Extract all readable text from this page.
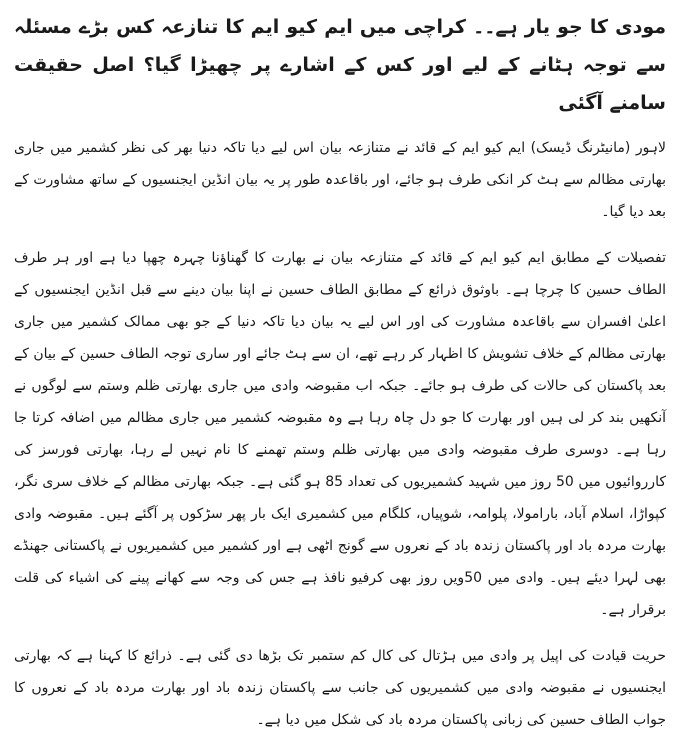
مودی کا جو یار ہے۔۔ کراچی میں ایم کیو ایم کا تنازعہ کس بڑے مسئلہ سے توجہ ہٹانے کے لیے اور کس کے اشارے پر چھیڑا گیا؟ اصل حقیقت سامنے آگئی

لاہور (مانیٹرنگ ڈیسک) ایم کیو ایم کے قائد نے متنازعہ بیان اس لیے دیا تاکہ دنیا بھر کی نظر کشمیر میں جاری بھارتی مظالم سے ہٹ کر انکی طرف ہو جائے، اور باقاعدہ طور پر یہ بیان انڈین ایجنسیوں کے ساتھ مشاورت کے بعد دیا گیا۔

تفصیلات کے مطابق ایم کیو ایم کے قائد کے متنازعہ بیان نے بھارت کا گھناؤنا چہرہ چھپا دیا ہے اور ہر طرف الطاف حسین کا چرچا ہے۔ باوثوق ذرائع کے مطابق الطاف حسین نے اپنا بیان دینے سے قبل انڈین ایجنسیوں کے اعلیٰ افسران سے باقاعدہ مشاورت کی اور اس لیے یہ بیان دیا تاکہ دنیا کے جو بھی ممالک کشمیر میں جاری بھارتی مظالم کے خلاف تشویش کا اظہار کر رہے تھے، ان سے ہٹ جائے اور ساری توجہ الطاف حسین کے بیان کے بعد پاکستان کی حالات کی طرف ہو جائے۔ جبکہ اب مقبوضہ وادی میں جاری بھارتی ظلم وستم سے لوگوں نے آنکھیں بند کر لی ہیں اور بھارت کا جو دل چاہ رہا ہے وہ مقبوضہ کشمیر میں جاری مظالم میں اضافہ کرتا جا رہا ہے۔ دوسری طرف مقبوضہ وادی میں بھارتی ظلم وستم تھمنے کا نام نہیں لے رہا، بھارتی فورسز کی کارروائیوں میں 50 روز میں شہید کشمیریوں کی تعداد 85 ہو گئی ہے۔ جبکہ بھارتی مظالم کے خلاف سری نگر، کپواڑا، اسلام آباد، بارامولا، پلوامہ، شوپیاں، کلگام میں کشمیری ایک بار پھر سڑکوں پر آگئے ہیں۔ مقبوضہ وادی بھارت مردہ باد اور پاکستان زندہ باد کے نعروں سے گونج اٹھی ہے اور کشمیر میں کشمیریوں نے پاکستانی جھنڈے بھی لہرا دیئے ہیں۔ وادی میں 50ویں روز بھی کرفیو نافذ ہے جس کی وجہ سے کھانے پینے کی اشیاء کی قلت برقرار ہے۔

حریت قیادت کی اپیل پر وادی میں ہڑتال کی کال کم ستمبر تک بڑھا دی گئی ہے۔ ذرائع کا کہنا ہے کہ بھارتی ایجنسیوں نے مقبوضہ وادی میں کشمیریوں کی جانب سے پاکستان زندہ باد اور بھارت مردہ باد کے نعروں کا جواب الطاف حسین کی زبانی پاکستان مردہ باد کی شکل میں دیا ہے۔
